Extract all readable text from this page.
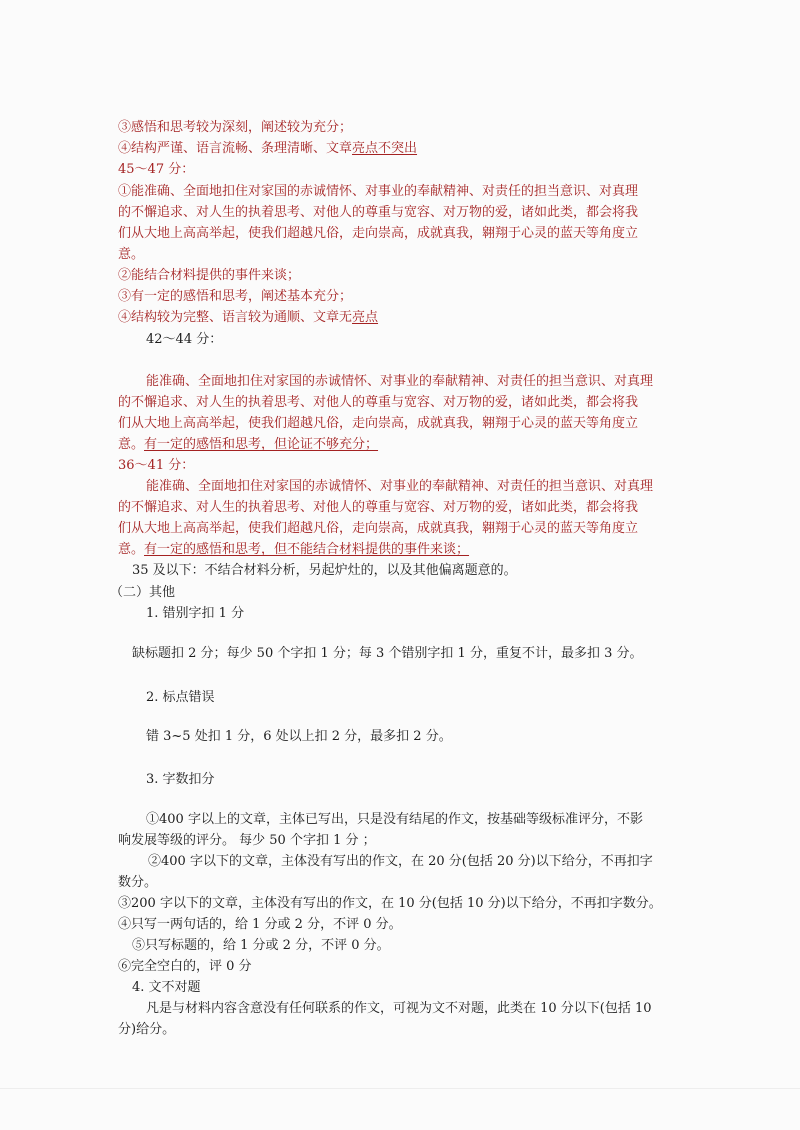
③感悟和思考较为深刻，阐述较为充分；
④结构严谨、语言流畅、条理清晰、文章亮点不突出
45～47 分：
①能准确、全面地扣住对家国的赤诚情怀、对事业的奉献精神、对责任的担当意识、对真理
的不懈追求、对人生的执着思考、对他人的尊重与宽容、对万物的爱，诸如此类，都会将我
们从大地上高高举起，使我们超越凡俗，走向崇高，成就真我，翱翔于心灵的蓝天等角度立
意。
②能结合材料提供的事件来谈；
③有一定的感悟和思考，阐述基本充分；
④结构较为完整、语言较为通顺、文章无亮点
42～44 分：
能准确、全面地扣住对家国的赤诚情怀、对事业的奉献精神、对责任的担当意识、对真理
的不懈追求、对人生的执着思考、对他人的尊重与宽容、对万物的爱，诸如此类，都会将我
们从大地上高高举起，使我们超越凡俗，走向崇高，成就真我，翱翔于心灵的蓝天等角度立
意。有一定的感悟和思考，但论证不够充分；
36～41 分：
能准确、全面地扣住对家国的赤诚情怀、对事业的奉献精神、对责任的担当意识、对真理
的不懈追求、对人生的执着思考、对他人的尊重与宽容、对万物的爱，诸如此类，都会将我
们从大地上高高举起，使我们超越凡俗，走向崇高，成就真我，翱翔于心灵的蓝天等角度立
意。有一定的感悟和思考，但不能结合材料提供的事件来谈；
35 及以下：不结合材料分析，另起炉灶的，以及其他偏离题意的。
（二）其他
1. 错别字扣 1 分
缺标题扣 2 分；每少 50 个字扣 1 分；每 3 个错别字扣 1 分，重复不计，最多扣 3 分。
2. 标点错误
错 3~5 处扣 1 分，6 处以上扣 2 分，最多扣 2 分。
3. 字数扣分
①400 字以上的文章，主体已写出，只是没有结尾的作文，按基础等级标准评分，不影
响发展等级的评分。 每少 50 个字扣 1 分 ；
②400 字以下的文章，主体没有写出的作文，在 20 分(包括 20 分)以下给分，不再扣字
数分。
③200 字以下的文章，主体没有写出的作文，在 10 分(包括 10 分)以下给分，不再扣字数分。
④只写一两句话的，给 1 分或 2 分，不评 0 分。
⑤只写标题的，给 1 分或 2 分，不评 0 分。
⑥完全空白的，评 0 分
4. 文不对题
凡是与材料内容含意没有任何联系的作文，可视为文不对题，此类在 10 分以下(包括 10
分)给分。
